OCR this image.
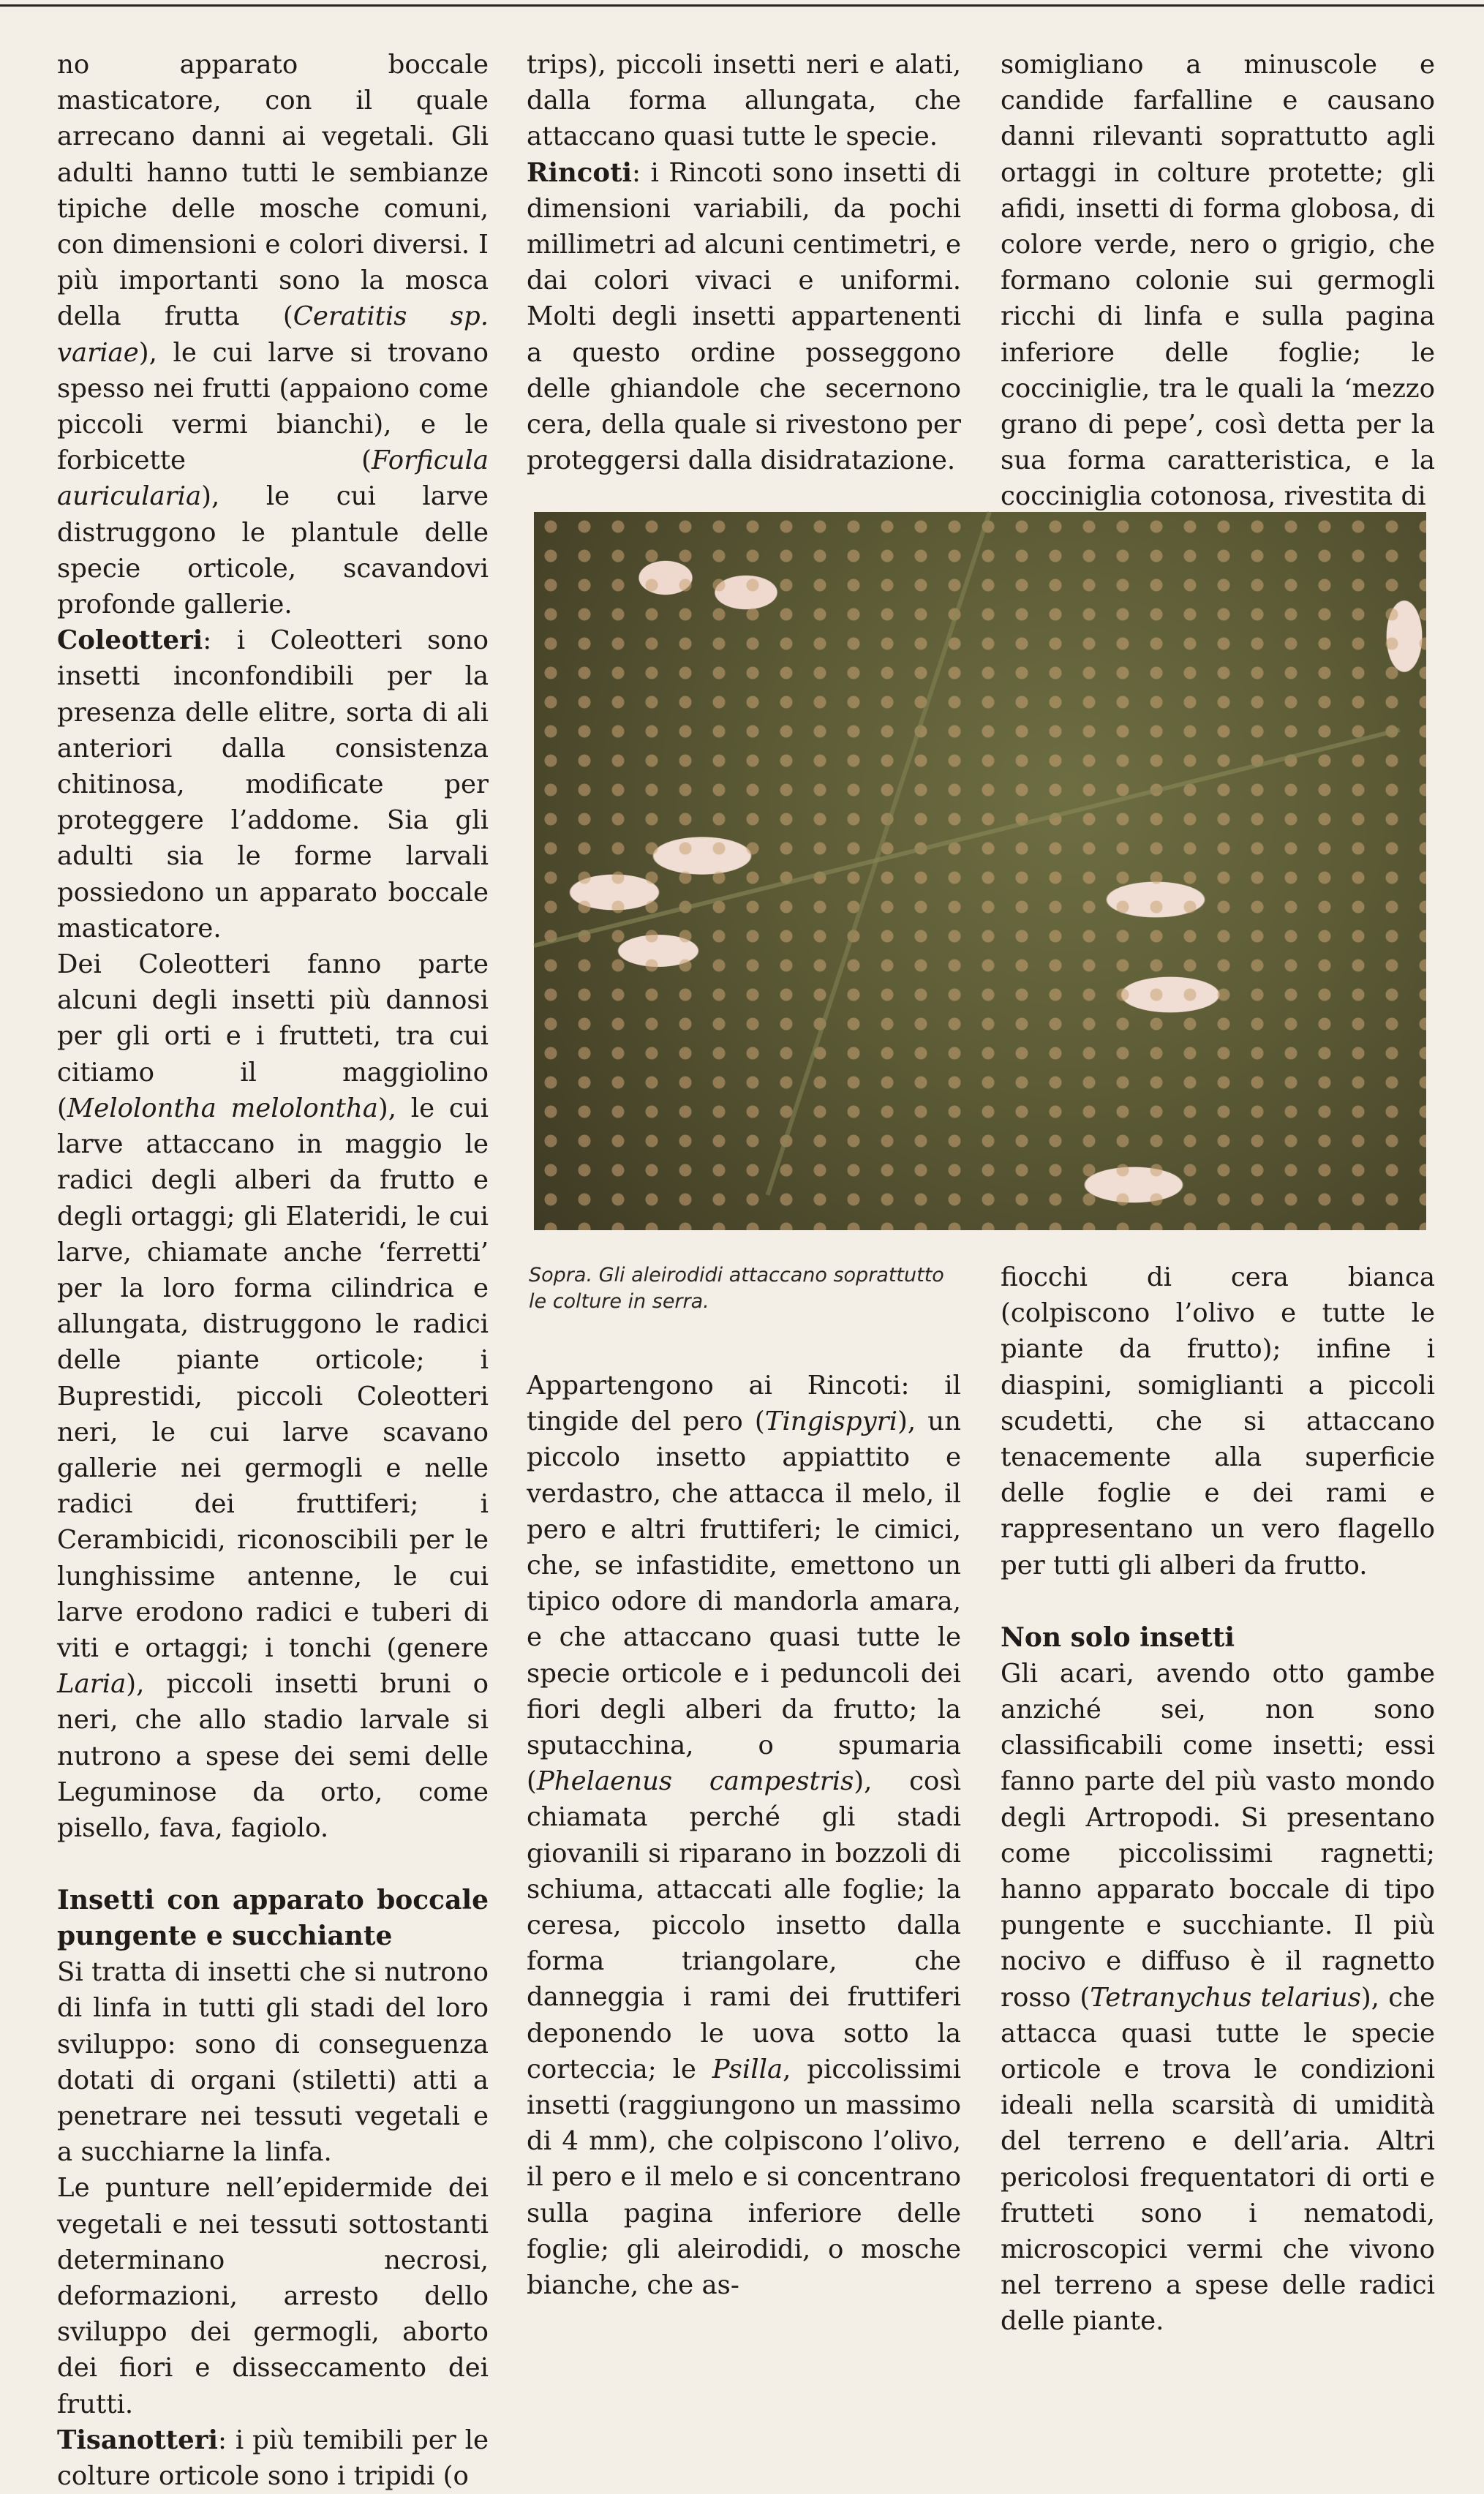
no apparato boccale masticatore, con il quale arrecano danni ai vegetali. Gli adulti hanno tutti le sembianze tipiche delle mosche comuni, con dimensioni e colori diversi. I più importanti sono la mosca della frutta (Ceratitis sp. variae), le cui larve si trovano spesso nei frutti (appaiono come piccoli vermi bianchi), e le forbicette (Forficula auricularia), le cui larve distruggono le plantule delle specie orticole, scavandovi profonde gallerie.

Coleotteri: i Coleotteri sono insetti inconfondibili per la presenza delle elitre, sorta di ali anteriori dalla consistenza chitinosa, modificate per proteggere l’addome. Sia gli adulti sia le forme larvali possiedono un apparato boccale masticatore.

Dei Coleotteri fanno parte alcuni degli insetti più dannosi per gli orti e i frutteti, tra cui citiamo il maggiolino (Melolontha melolontha), le cui larve attaccano in maggio le radici degli alberi da frutto e degli ortaggi; gli Elateridi, le cui larve, chiamate anche ‘ferretti’ per la loro forma cilindrica e allungata, distruggono le radici delle piante orticole; i Buprestidi, piccoli Coleotteri neri, le cui larve scavano gallerie nei germogli e nelle radici dei fruttiferi; i Cerambicidi, riconoscibili per le lunghissime antenne, le cui larve erodono radici e tuberi di viti e ortaggi; i tonchi (genere Laria), piccoli insetti bruni o neri, che allo stadio larvale si nutrono a spese dei semi delle Leguminose da orto, come pisello, fava, fagiolo.

Insetti con apparato boccale pungente e succhiante

Si tratta di insetti che si nutrono di linfa in tutti gli stadi del loro sviluppo: sono di conseguenza dotati di organi (stiletti) atti a penetrare nei tessuti vegetali e a succhiarne la linfa.

Le punture nell’epidermide dei vegetali e nei tessuti sottostanti determinano necrosi, deformazioni, arresto dello sviluppo dei germogli, aborto dei fiori e disseccamento dei frutti.

Tisanotteri: i più temibili per le colture orticole sono i tripidi (o

trips), piccoli insetti neri e alati, dalla forma allungata, che attaccano quasi tutte le specie.

Rincoti: i Rincoti sono insetti di dimensioni variabili, da pochi millimetri ad alcuni centimetri, e dai colori vivaci e uniformi. Molti degli insetti appartenenti a questo ordine posseggono delle ghiandole che secernono cera, della quale si rivestono per proteggersi dalla disidratazione.

Sopra. Gli aleirodidi attaccano soprattutto le colture in serra.

Appartengono ai Rincoti: il tingide del pero (Tingispyri), un piccolo insetto appiattito e verdastro, che attacca il melo, il pero e altri fruttiferi; le cimici, che, se infastidite, emettono un tipico odore di mandorla amara, e che attaccano quasi tutte le specie orticole e i peduncoli dei fiori degli alberi da frutto; la sputacchina, o spumaria (Phelaenus campestris), così chiamata perché gli stadi giovanili si riparano in bozzoli di schiuma, attaccati alle foglie; la ceresa, piccolo insetto dalla forma triangolare, che danneggia i rami dei fruttiferi deponendo le uova sotto la corteccia; le Psilla, piccolissimi insetti (raggiungono un massimo di 4 mm), che colpiscono l’olivo, il pero e il melo e si concentrano sulla pagina inferiore delle foglie; gli aleirodidi, o mosche bianche, che as-

somigliano a minuscole e candide farfalline e causano danni rilevanti soprattutto agli ortaggi in colture protette; gli afidi, insetti di forma globosa, di colore verde, nero o grigio, che formano colonie sui germogli ricchi di linfa e sulla pagina inferiore delle foglie; le cocciniglie, tra le quali la ‘mezzo grano di pepe’, così detta per la sua forma caratteristica, e la cocciniglia cotonosa, rivestita di

fiocchi di cera bianca (colpiscono l’olivo e tutte le piante da frutto); infine i diaspini, somiglianti a piccoli scudetti, che si attaccano tenacemente alla superficie delle foglie e dei rami e rappresentano un vero flagello per tutti gli alberi da frutto.

Non solo insetti

Gli acari, avendo otto gambe anziché sei, non sono classificabili come insetti; essi fanno parte del più vasto mondo degli Artropodi. Si presentano come piccolissimi ragnetti; hanno apparato boccale di tipo pungente e succhiante. Il più nocivo e diffuso è il ragnetto rosso (Tetranychus telarius), che attacca quasi tutte le specie orticole e trova le condizioni ideali nella scarsità di umidità del terreno e dell’aria. Altri pericolosi frequentatori di orti e frutteti sono i nematodi, microscopici vermi che vivono nel terreno a spese delle radici delle piante.
